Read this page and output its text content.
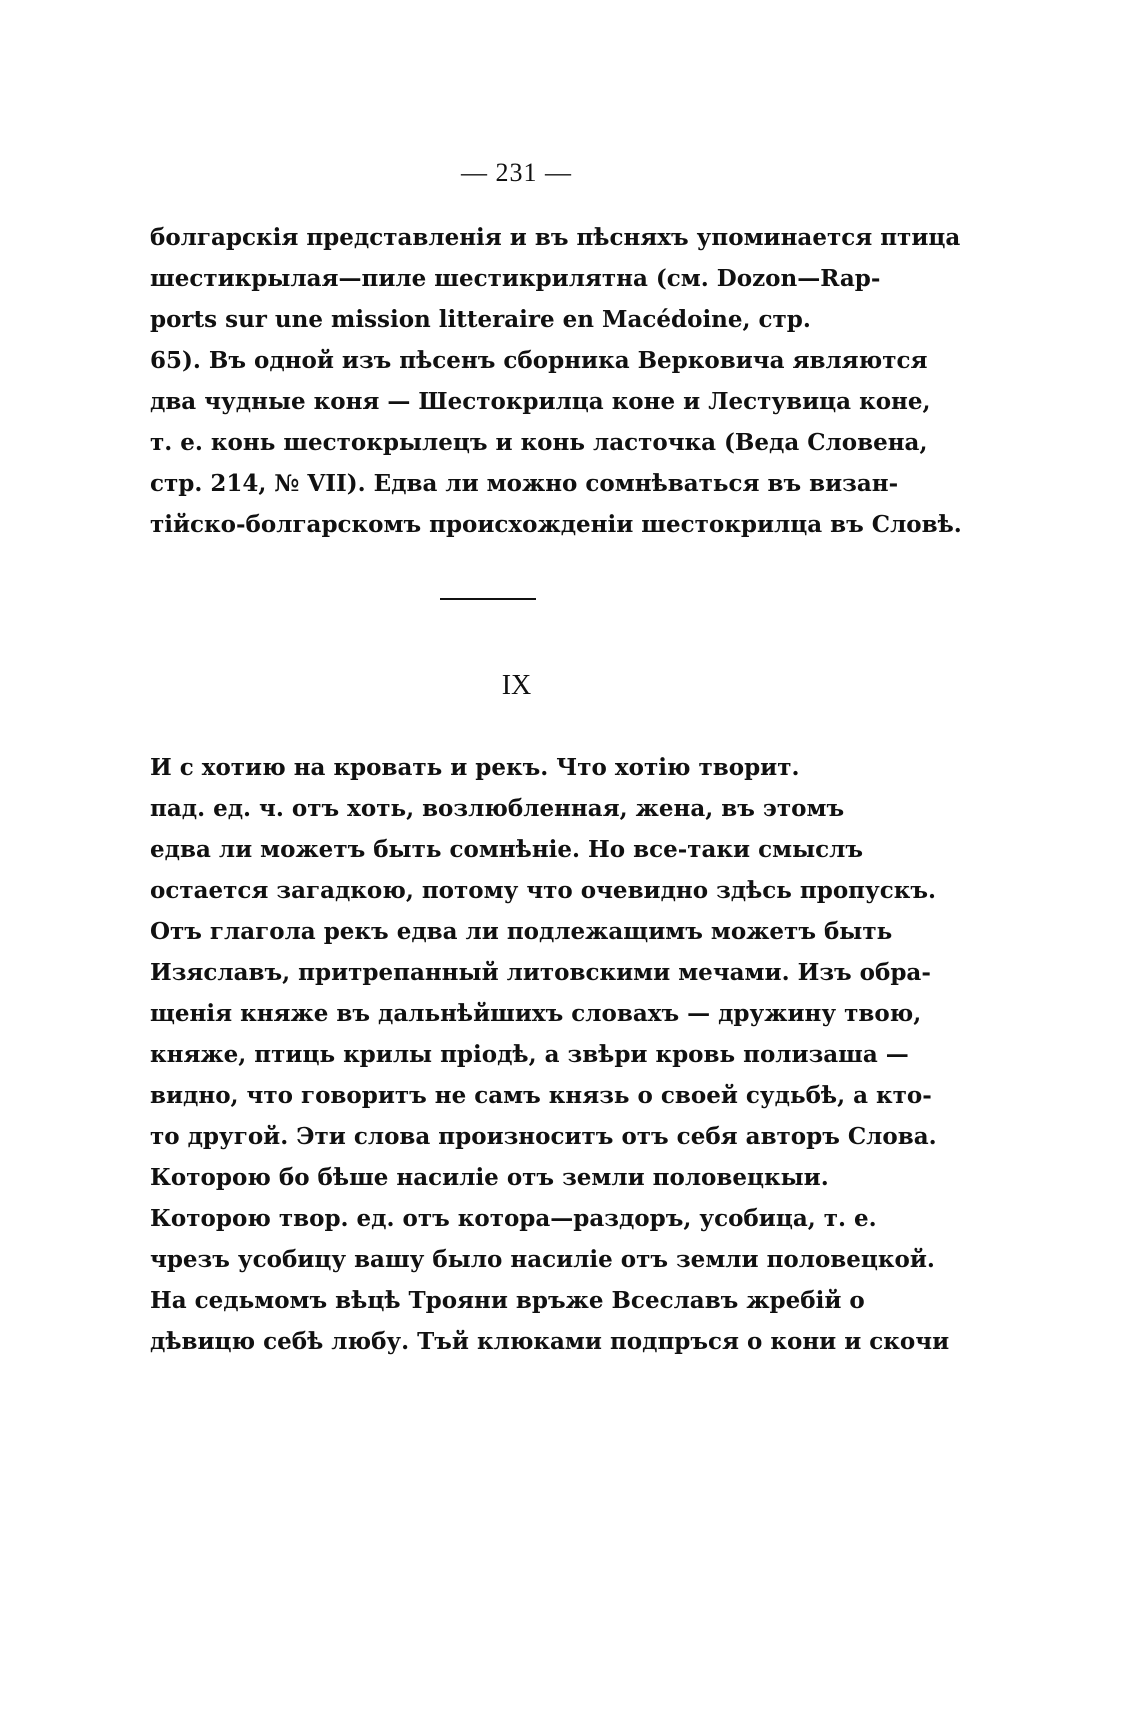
— 231 —
болгарскія представленія и въ пѣсняхъ упоминается птица
шестикрылая—пиле шестикрилятна (см. Dozon—Rap-
ports sur une mission litteraire en Macédoine, стр.
65). Въ одной изъ пѣсенъ сборника Верковича являются
два чудные коня — Шестокрилца коне и Лестувица коне,
т. е. конь шестокрылецъ и конь ласточка (Веда Словена,
стр. 214, № VII). Едва ли можно сомнѣваться въ визан-
тійско-болгарскомъ происхожденіи шестокрилца въ Словѣ.
IX
И с хотию на кровать и рекъ. Что хотію творит.
пад. ед. ч. отъ хоть, возлюбленная, жена, въ этомъ
едва ли можетъ быть сомнѣніе. Но все-таки смыслъ
остается загадкою, потому что очевидно здѣсь пропускъ.
Отъ глагола рекъ едва ли подлежащимъ можетъ быть
Изяславъ, притрепанный литовскими мечами. Изъ обра-
щенія княже въ дальнѣйшихъ словахъ — дружину твою,
княже, птиць крилы пріодѣ, а звѣри кровь полизаша —
видно, что говоритъ не самъ князь о своей судьбѣ, а кто-
то другой. Эти слова произноситъ отъ себя авторъ Слова.
Которою бо бѣше насиліе отъ земли половецкыи.
Которою твор. ед. отъ котора—раздоръ, усобица, т. е.
чрезъ усобицу вашу было насиліе отъ земли половецкой.
На седьмомъ вѣцѣ Трояни връже Всеславъ жребій о
дѣвицю себѣ любу. Тъй клюками подпръся о кони и скочи
